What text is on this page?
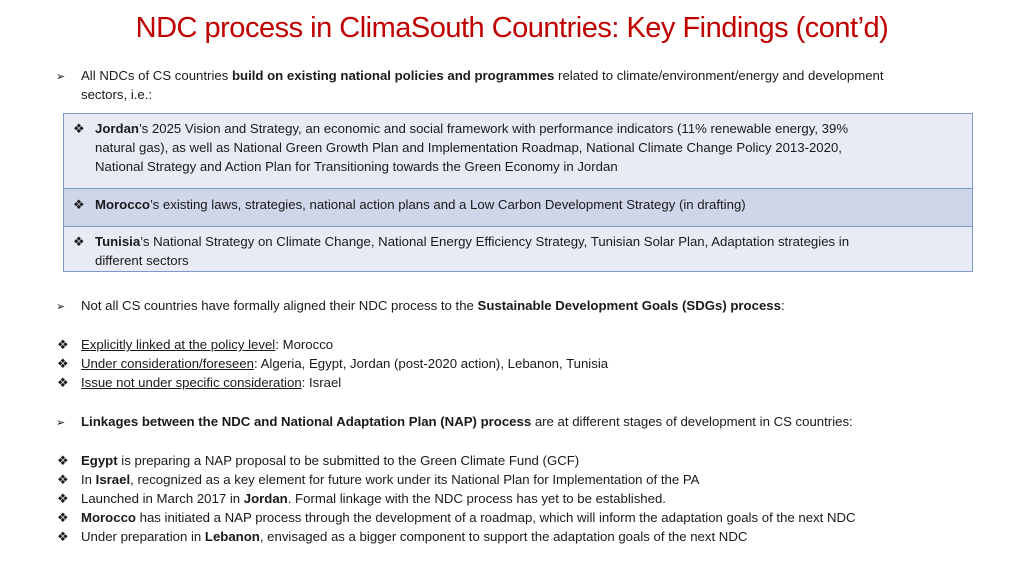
NDC process in ClimaSouth Countries: Key Findings (cont’d)
➢ All NDCs of CS countries build on existing national policies and programmes related to climate/environment/energy and development
sectors, i.e.:
❖ Jordan’s 2025 Vision and Strategy, an economic and social framework with performance indicators (11% renewable energy, 39%
natural gas), as well as National Green Growth Plan and Implementation Roadmap, National Climate Change Policy 2013-2020,
National Strategy and Action Plan for Transitioning towards the Green Economy in Jordan
❖ Morocco’s existing laws, strategies, national action plans and a Low Carbon Development Strategy (in drafting)
❖ Tunisia’s National Strategy on Climate Change, National Energy Efficiency Strategy, Tunisian Solar Plan, Adaptation strategies in
different sectors
➢ Not all CS countries have formally aligned their NDC process to the Sustainable Development Goals (SDGs) process:
❖ Explicitly linked at the policy level: Morocco
❖ Under consideration/foreseen: Algeria, Egypt, Jordan (post-2020 action), Lebanon, Tunisia
❖ Issue not under specific consideration: Israel
➢ Linkages between the NDC and National Adaptation Plan (NAP) process are at different stages of development in CS countries:
❖ Egypt is preparing a NAP proposal to be submitted to the Green Climate Fund (GCF)
❖ In Israel, recognized as a key element for future work under its National Plan for Implementation of the PA
❖ Launched in March 2017 in Jordan. Formal linkage with the NDC process has yet to be established.
❖ Morocco has initiated a NAP process through the development of a roadmap, which will inform the adaptation goals of the next NDC
❖ Under preparation in Lebanon, envisaged as a bigger component to support the adaptation goals of the next NDC
